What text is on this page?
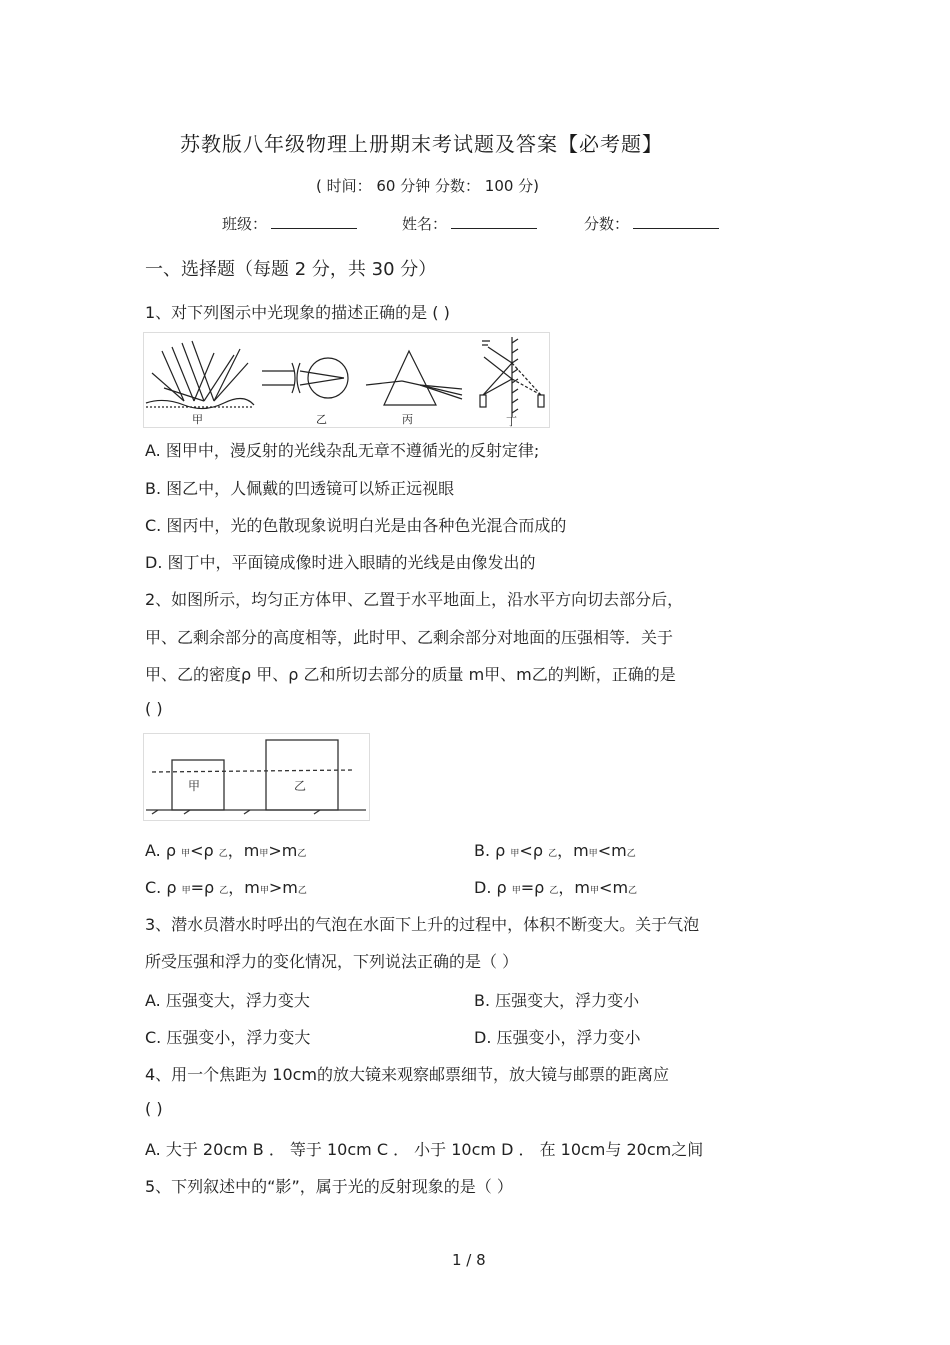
苏教版八年级物理上册期末考试题及答案【必考题】
( 时间： 60 分钟 分数： 100 分)
班级：	姓名：	分数：
一、选择题（每题 2 分，共 30 分）
1、对下列图示中光现象的描述正确的是 ( )
甲	乙	丙	丁
A. 图甲中，漫反射的光线杂乱无章不遵循光的反射定律;
B. 图乙中，人佩戴的凹透镜可以矫正远视眼
C. 图丙中，光的色散现象说明白光是由各种色光混合而成的
D. 图丁中，平面镜成像时进入眼睛的光线是由像发出的
2、如图所示，均匀正方体甲、乙置于水平地面上，沿水平方向切去部分后，
甲、乙剩余部分的高度相等，此时甲、乙剩余部分对地面的压强相等．关于
甲、乙的密度ρ 甲、ρ 乙和所切去部分的质量 m甲、m乙的判断，正确的是
( )
甲	乙
A. ρ 甲<ρ 乙，m甲>m乙	B. ρ 甲<ρ 乙，m甲<m乙
C. ρ 甲=ρ 乙，m甲>m乙	D. ρ 甲=ρ 乙，m甲<m乙
3、潜水员潜水时呼出的气泡在水面下上升的过程中，体积不断变大。关于气泡
所受压强和浮力的变化情况，下列说法正确的是（ ）
A. 压强变大，浮力变大	B. 压强变大，浮力变小
C. 压强变小，浮力变大	D. 压强变小，浮力变小
4、用一个焦距为 10cm的放大镜来观察邮票细节，放大镜与邮票的距离应
( )
A. 大于 20cm B ． 等于 10cm C ． 小于 10cm D ． 在 10cm与 20cm之间
5、下列叙述中的“影”，属于光的反射现象的是（ ）
1 / 8
